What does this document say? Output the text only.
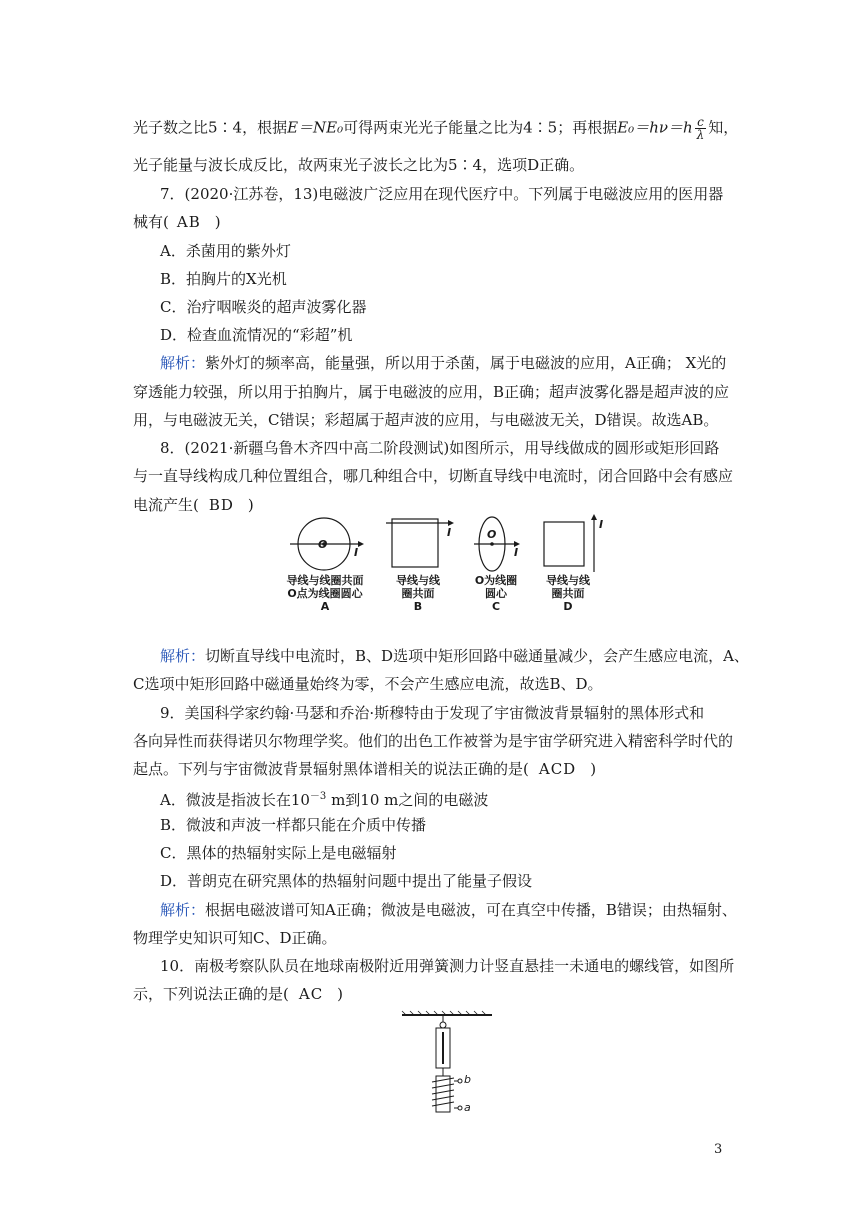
光子数之比5∶4，根据E＝NE₀可得两束光光子能量之比为4∶5；再根据$E_0=h\nu=h \frac{c}{\lambda}$ 知，
光子能量与波长成反比，故两束光子波长之比为5∶4，选项D正确。
7．(2020·江苏卷，13)电磁波广泛应用在现代医疗中。下列属于电磁波应用的医用器
械有( AB )
A．杀菌用的紫外灯
B．拍胸片的X光机
C．治疗咽喉炎的超声波雾化器
D．检查血流情况的“彩超”机
解析：紫外灯的频率高，能量强，所以用于杀菌，属于电磁波的应用，A正确； X光的
穿透能力较强，所以用于拍胸片，属于电磁波的应用，B正确；超声波雾化器是超声波的应
用，与电磁波无关，C错误；彩超属于超声波的应用，与电磁波无关，D错误。故选AB。
8．(2021·新疆乌鲁木齐四中高二阶段测试)如图所示，用导线做成的圆形或矩形回路
与一直导线构成几种位置组合，哪几种组合中，切断直导线中电流时，闭合回路中会有感应
电流产生( BD )
O
I
I	O
I
I
导线与线圈共面
O点为线圈圆心
A
导线与线
圈共面
B
O为线圈
圆心
C
导线与线
圈共面
D
解析：切断直导线中电流时，B、D选项中矩形回路中磁通量减少，会产生感应电流，A、
C选项中矩形回路中磁通量始终为零，不会产生感应电流，故选B、D。
9．美国科学家约翰·马瑟和乔治·斯穆特由于发现了宇宙微波背景辐射的黑体形式和
各向异性而获得诺贝尔物理学奖。他们的出色工作被誉为是宇宙学研究进入精密科学时代的
起点。下列与宇宙微波背景辐射黑体谱相关的说法正确的是( ACD )
A．微波是指波长在$10^{-3}$ m到10 m之间的电磁波
B．微波和声波一样都只能在介质中传播
C．黑体的热辐射实际上是电磁辐射
D．普朗克在研究黑体的热辐射问题中提出了能量子假设
解析：根据电磁波谱可知A正确；微波是电磁波，可在真空中传播，B错误；由热辐射、
物理学史知识可知C、D正确。
10．南极考察队队员在地球南极附近用弹簧测力计竖直悬挂一未通电的螺线管，如图所
示，下列说法正确的是( AC )
b
a
3
